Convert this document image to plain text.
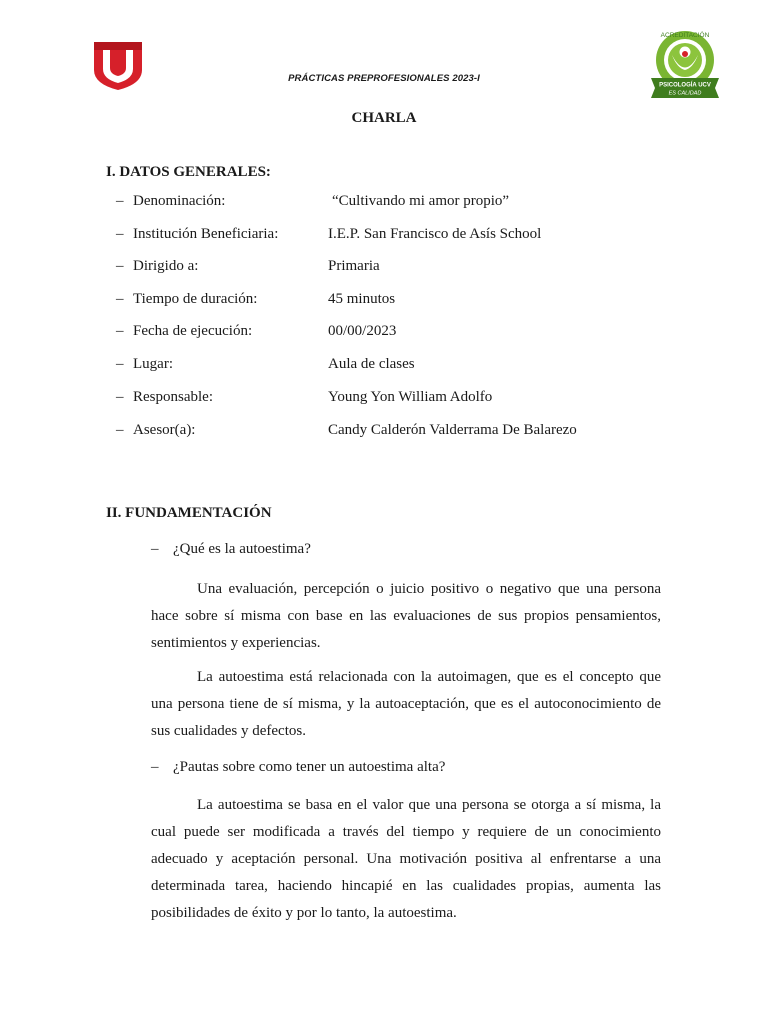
ACREDITACIÓN
PSICOLOGÍA UCV
ES CALIDAD
PRÁCTICAS PREPROFESIONALES 2023-I
CHARLA
I. DATOS GENERALES:
– Denominación:	“Cultivando mi amor propio”
– Institución Beneficiaria:	I.E.P. San Francisco de Asís School
– Dirigido a:	Primaria
– Tiempo de duración:	45 minutos
– Fecha de ejecución:	00/00/2023
– Lugar:	Aula de clases
– Responsable:	Young Yon William Adolfo
– Asesor(a):	Candy Calderón Valderrama De Balarezo
II. FUNDAMENTACIÓN
– ¿Qué es la autoestima?

Una evaluación, percepción o juicio positivo o negativo que una persona hace sobre sí misma con base en las evaluaciones de sus propios pensamientos, sentimientos y experiencias.

La autoestima está relacionada con la autoimagen, que es el concepto que una persona tiene de sí misma, y la autoaceptación, que es el autoconocimiento de sus cualidades y defectos.

– ¿Pautas sobre como tener un autoestima alta?

La autoestima se basa en el valor que una persona se otorga a sí misma, la cual puede ser modificada a través del tiempo y requiere de un conocimiento adecuado y aceptación personal. Una motivación positiva al enfrentarse a una determinada tarea, haciendo hincapié en las cualidades propias, aumenta las posibilidades de éxito y por lo tanto, la autoestima.
